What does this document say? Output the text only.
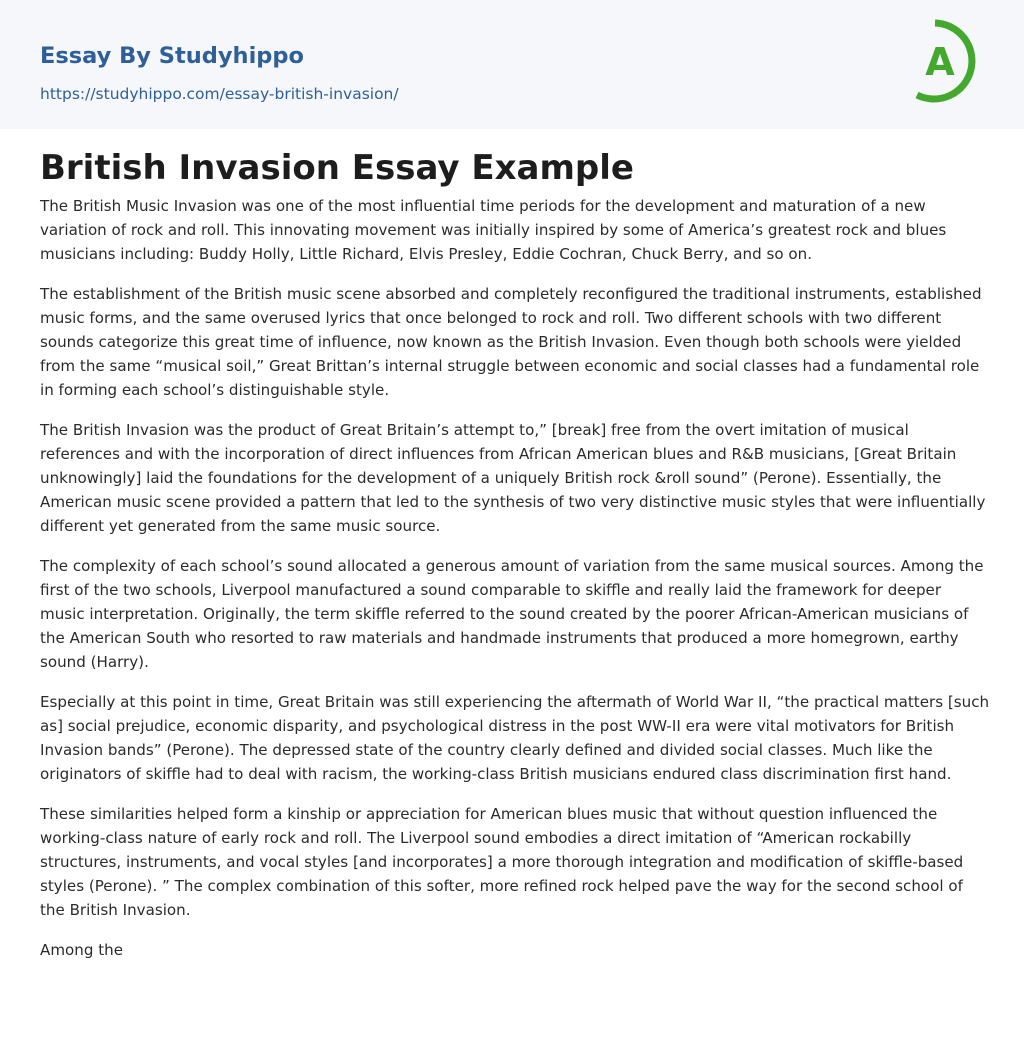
Essay By Studyhippo
https://studyhippo.com/essay-british-invasion/
A
British Invasion Essay Example

The British Music Invasion was one of the most influential time periods for the development and maturation of a new variation of rock and roll. This innovating movement was initially inspired by some of America’s greatest rock and blues musicians including: Buddy Holly, Little Richard, Elvis Presley, Eddie Cochran, Chuck Berry, and so on.

The establishment of the British music scene absorbed and completely reconfigured the traditional instruments, established music forms, and the same overused lyrics that once belonged to rock and roll. Two different schools with two different sounds categorize this great time of influence, now known as the British Invasion. Even though both schools were yielded from the same “musical soil,” Great Brittan’s internal struggle between economic and social classes had a fundamental role in forming each school’s distinguishable style.

The British Invasion was the product of Great Britain’s attempt to,” [break] free from the overt imitation of musical references and with the incorporation of direct influences from African American blues and R&B musicians, [Great Britain unknowingly] laid the foundations for the development of a uniquely British rock &roll sound” (Perone). Essentially, the American music scene provided a pattern that led to the synthesis of two very distinctive music styles that were influentially different yet generated from the same music source.

The complexity of each school’s sound allocated a generous amount of variation from the same musical sources. Among the first of the two schools, Liverpool manufactured a sound comparable to skiffle and really laid the framework for deeper music interpretation. Originally, the term skiffle referred to the sound created by the poorer African-American musicians of the American South who resorted to raw materials and handmade instruments that produced a more homegrown, earthy sound (Harry).

Especially at this point in time, Great Britain was still experiencing the aftermath of World War II, “the practical matters [such as] social prejudice, economic disparity, and psychological distress in the post WW-II era were vital motivators for British Invasion bands” (Perone). The depressed state of the country clearly defined and divided social classes. Much like the originators of skiffle had to deal with racism, the working-class British musicians endured class discrimination first hand.

These similarities helped form a kinship or appreciation for American blues music that without question influenced the working-class nature of early rock and roll. The Liverpool sound embodies a direct imitation of “American rockabilly structures, instruments, and vocal styles [and incorporates] a more thorough integration and modification of skiffle-based styles (Perone). ” The complex combination of this softer, more refined rock helped pave the way for the second school of the British Invasion.

Among the
